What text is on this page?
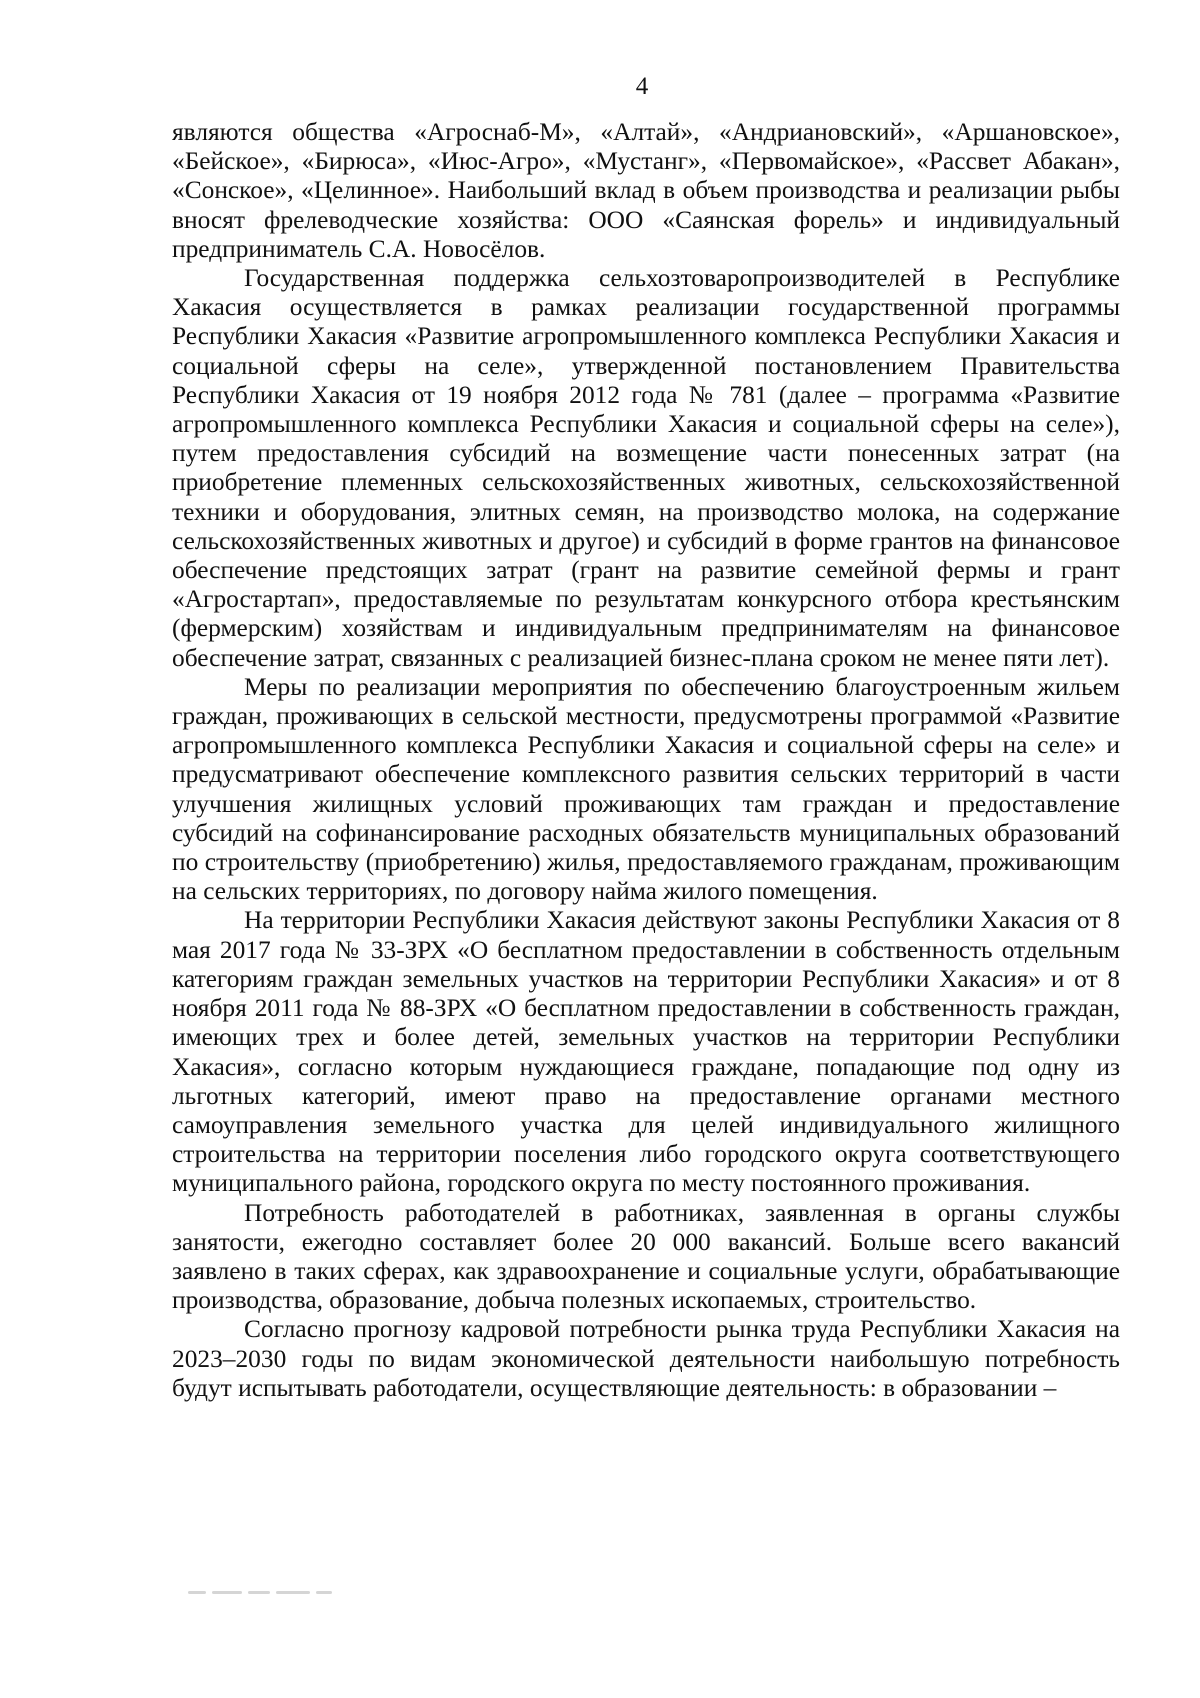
4

являются общества «Агроснаб-М», «Алтай», «Андриановский», «Аршановское», «Бейское», «Бирюса», «Июс-Агро», «Мустанг», «Первомайское», «Рассвет Абакан», «Сонское», «Целинное». Наибольший вклад в объем производства и реализации рыбы вносят фрелеводческие хозяйства: ООО «Саянская форель» и индивидуальный предприниматель С.А. Новосёлов.

Государственная поддержка сельхозтоваропроизводителей в Республике Хакасия осуществляется в рамках реализации государственной программы Республики Хакасия «Развитие агропромышленного комплекса Республики Хакасия и социальной сферы на селе», утвержденной постановлением Правительства Республики Хакасия от 19 ноября 2012 года № 781 (далее – программа «Развитие агропромышленного комплекса Республики Хакасия и социальной сферы на селе»), путем предоставления субсидий на возмещение части понесенных затрат (на приобретение племенных сельскохозяйственных животных, сельскохозяйственной техники и оборудования, элитных семян, на производство молока, на содержание сельскохозяйственных животных и другое) и субсидий в форме грантов на финансовое обеспечение предстоящих затрат (грант на развитие семейной фермы и грант «Агростартап», предоставляемые по результатам конкурсного отбора крестьянским (фермерским) хозяйствам и индивидуальным предпринимателям на финансовое обеспечение затрат, связанных с реализацией бизнес-плана сроком не менее пяти лет).

Меры по реализации мероприятия по обеспечению благоустроенным жильем граждан, проживающих в сельской местности, предусмотрены программой «Развитие агропромышленного комплекса Республики Хакасия и социальной сферы на селе» и предусматривают обеспечение комплексного развития сельских территорий в части улучшения жилищных условий проживающих там граждан и предоставление субсидий на софинансирование расходных обязательств муниципальных образований по строительству (приобретению) жилья, предоставляемого гражданам, проживающим на сельских территориях, по договору найма жилого помещения.

На территории Республики Хакасия действуют законы Республики Хакасия от 8 мая 2017 года № 33-ЗРХ «О бесплатном предоставлении в собственность отдельным категориям граждан земельных участков на территории Республики Хакасия» и от 8 ноября 2011 года № 88-ЗРХ «О бесплатном предоставлении в собственность граждан, имеющих трех и более детей, земельных участков на территории Республики Хакасия», согласно которым нуждающиеся граждане, попадающие под одну из льготных категорий, имеют право на предоставление органами местного самоуправления земельного участка для целей индивидуального жилищного строительства на территории поселения либо городского округа соответствующего муниципального района, городского округа по месту постоянного проживания.

Потребность работодателей в работниках, заявленная в органы службы занятости, ежегодно составляет более 20 000 вакансий. Больше всего вакансий заявлено в таких сферах, как здравоохранение и социальные услуги, обрабатывающие производства, образование, добыча полезных ископаемых, строительство.

Согласно прогнозу кадровой потребности рынка труда Республики Хакасия на 2023–2030 годы по видам экономической деятельности наибольшую потребность будут испытывать работодатели, осуществляющие деятельность: в образовании –
